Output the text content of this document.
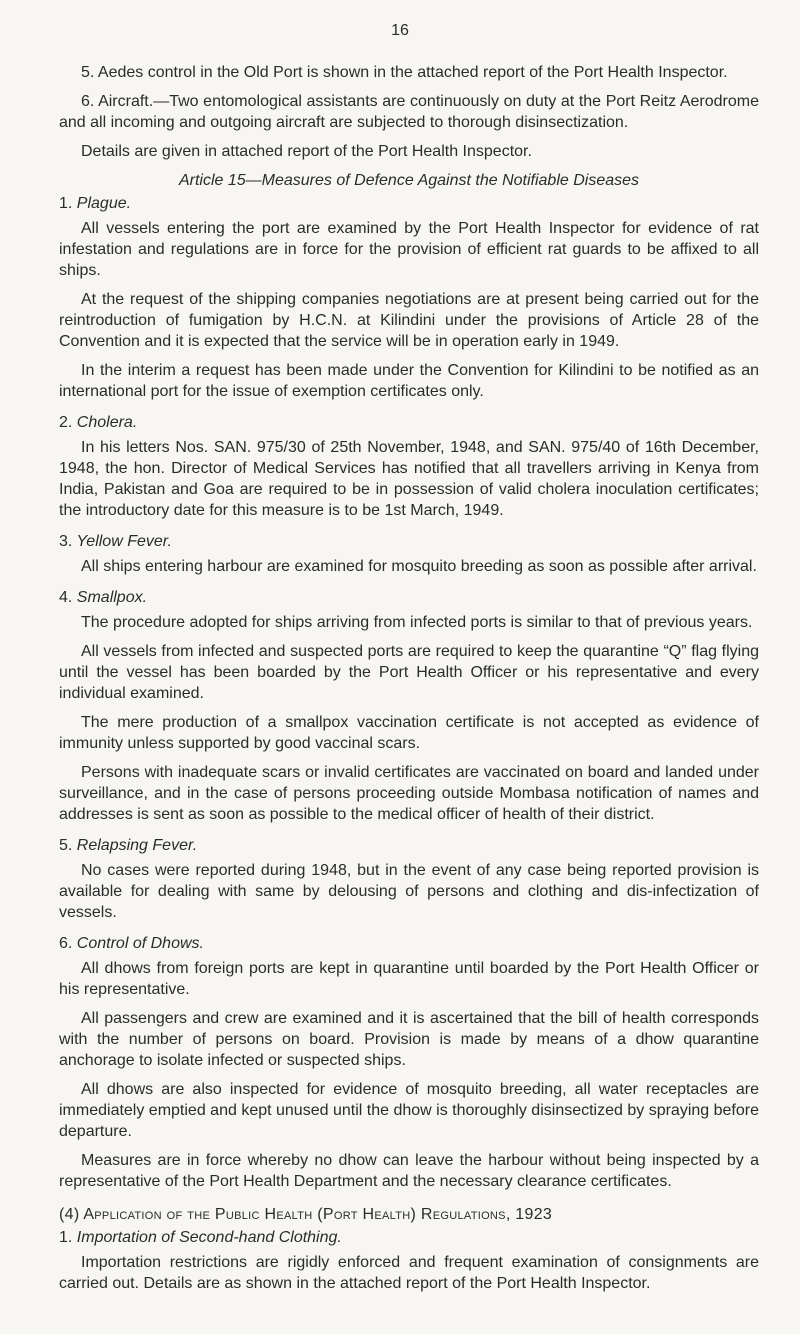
16

5. Aedes control in the Old Port is shown in the attached report of the Port Health Inspector.

6. Aircraft.—Two entomological assistants are continuously on duty at the Port Reitz Aerodrome and all incoming and outgoing aircraft are subjected to thorough disinsectization.

Details are given in attached report of the Port Health Inspector.

Article 15—Measures of Defence Against the Notifiable Diseases
1. Plague.

All vessels entering the port are examined by the Port Health Inspector for evidence of rat infestation and regulations are in force for the provision of efficient rat guards to be affixed to all ships.

At the request of the shipping companies negotiations are at present being carried out for the reintroduction of fumigation by H.C.N. at Kilindini under the provisions of Article 28 of the Convention and it is expected that the service will be in operation early in 1949.

In the interim a request has been made under the Convention for Kilindini to be notified as an international port for the issue of exemption certificates only.

2. Cholera.

In his letters Nos. SAN. 975/30 of 25th November, 1948, and SAN. 975/40 of 16th December, 1948, the hon. Director of Medical Services has notified that all travellers arriving in Kenya from India, Pakistan and Goa are required to be in possession of valid cholera inoculation certificates; the introductory date for this measure is to be 1st March, 1949.

3. Yellow Fever.

All ships entering harbour are examined for mosquito breeding as soon as possible after arrival.

4. Smallpox.

The procedure adopted for ships arriving from infected ports is similar to that of previous years.

All vessels from infected and suspected ports are required to keep the quarantine “Q” flag flying until the vessel has been boarded by the Port Health Officer or his representative and every individual examined.

The mere production of a smallpox vaccination certificate is not accepted as evidence of immunity unless supported by good vaccinal scars.

Persons with inadequate scars or invalid certificates are vaccinated on board and landed under surveillance, and in the case of persons proceeding outside Mombasa notification of names and addresses is sent as soon as possible to the medical officer of health of their district.

5. Relapsing Fever.

No cases were reported during 1948, but in the event of any case being reported provision is available for dealing with same by delousing of persons and clothing and dis-infectization of vessels.

6. Control of Dhows.

All dhows from foreign ports are kept in quarantine until boarded by the Port Health Officer or his representative.

All passengers and crew are examined and it is ascertained that the bill of health corresponds with the number of persons on board. Provision is made by means of a dhow quarantine anchorage to isolate infected or suspected ships.

All dhows are also inspected for evidence of mosquito breeding, all water receptacles are immediately emptied and kept unused until the dhow is thoroughly disinsectized by spraying before departure.

Measures are in force whereby no dhow can leave the harbour without being inspected by a representative of the Port Health Department and the necessary clearance certificates.

(4) Application of the Public Health (Port Health) Regulations, 1923
1. Importation of Second-hand Clothing.

Importation restrictions are rigidly enforced and frequent examination of consignments are carried out. Details are as shown in the attached report of the Port Health Inspector.
